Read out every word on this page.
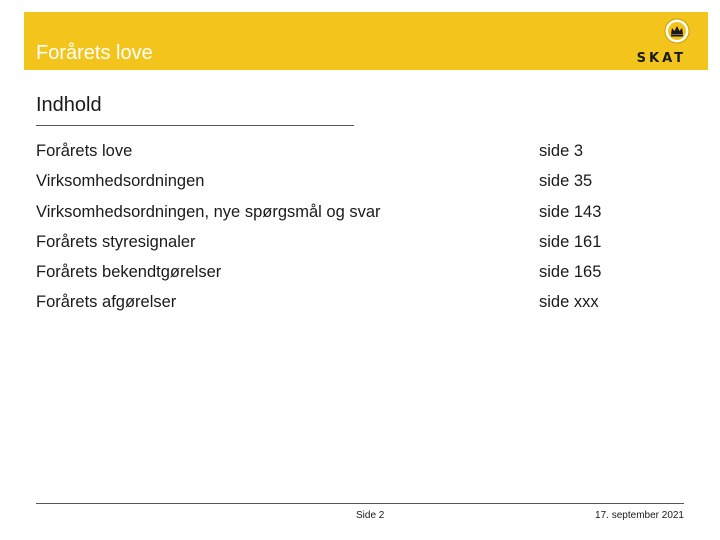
Forårets love	SKAT
Indhold
Forårets love	side 3
Virksomhedsordningen	side 35
Virksomhedsordningen, nye spørgsmål og svar	side 143
Forårets styresignaler	side 161
Forårets bekendtgørelser	side 165
Forårets afgørelser	side xxx
Side 2	17. september 2021
